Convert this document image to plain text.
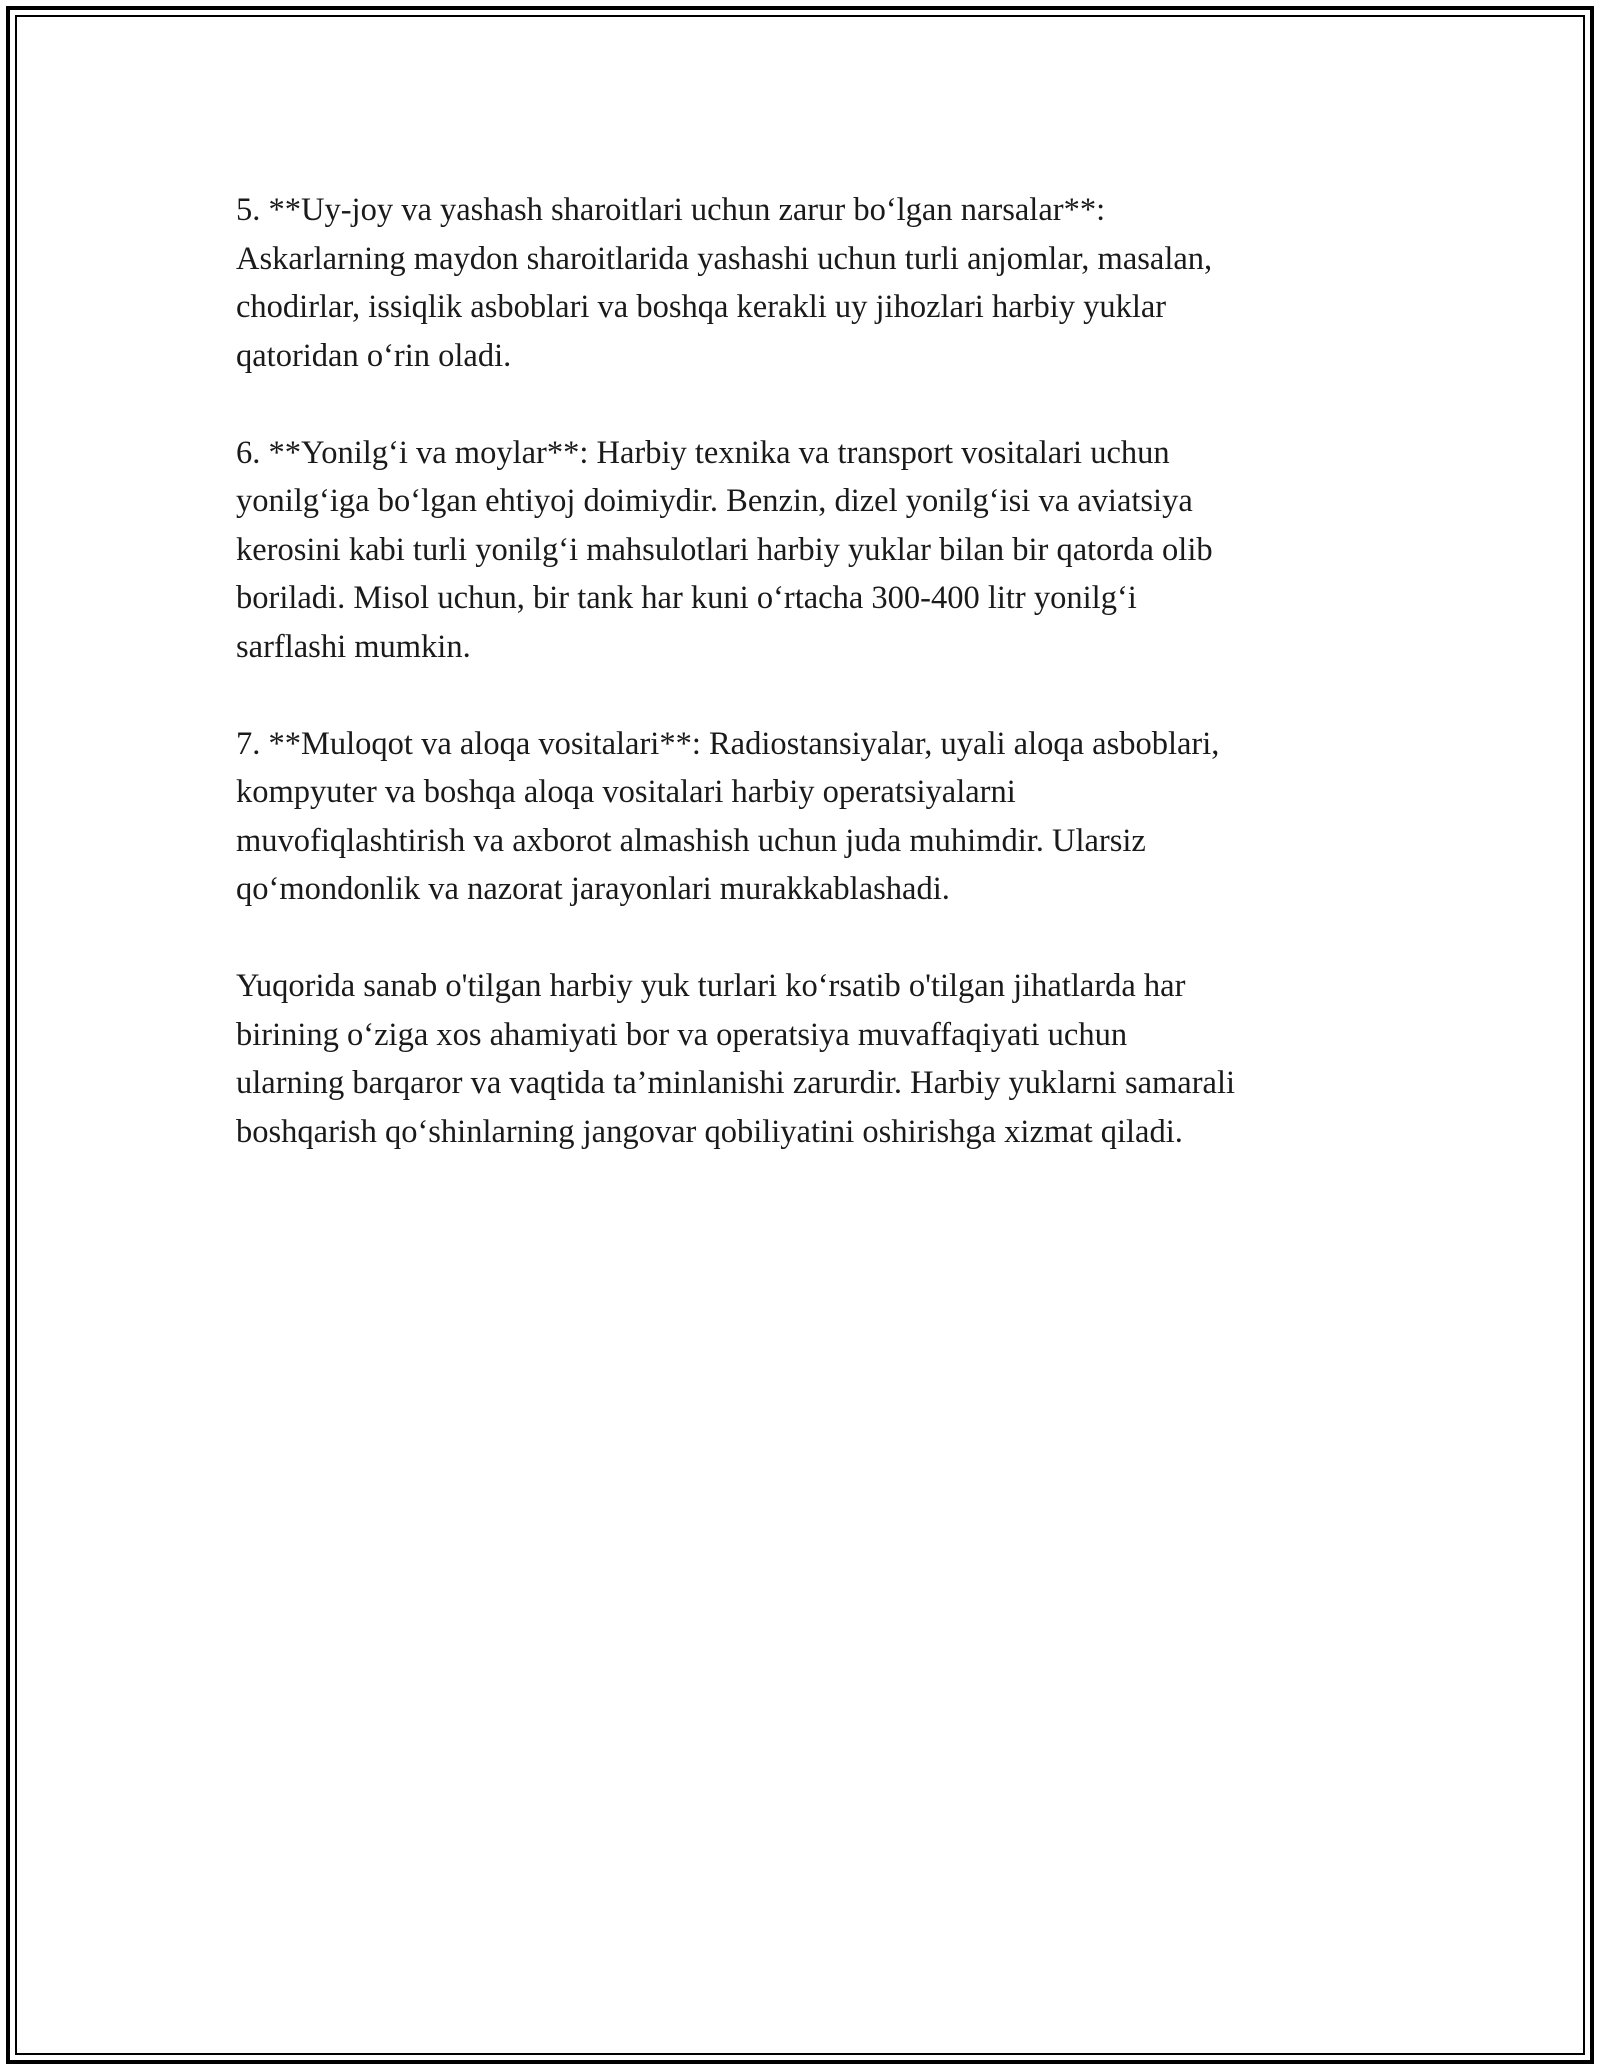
5. **Uy-joy va yashash sharoitlari uchun zarur bo‘lgan narsalar**:
Askarlarning maydon sharoitlarida yashashi uchun turli anjomlar, masalan,
chodirlar, issiqlik asboblari va boshqa kerakli uy jihozlari harbiy yuklar
qatoridan o‘rin oladi.

6. **Yonilg‘i va moylar**: Harbiy texnika va transport vositalari uchun
yonilg‘iga bo‘lgan ehtiyoj doimiydir. Benzin, dizel yonilg‘isi va aviatsiya
kerosini kabi turli yonilg‘i mahsulotlari harbiy yuklar bilan bir qatorda olib
boriladi. Misol uchun, bir tank har kuni o‘rtacha 300-400 litr yonilg‘i
sarflashi mumkin.

7. **Muloqot va aloqa vositalari**: Radiostansiyalar, uyali aloqa asboblari,
kompyuter va boshqa aloqa vositalari harbiy operatsiyalarni
muvofiqlashtirish va axborot almashish uchun juda muhimdir. Ularsiz
qo‘mondonlik va nazorat jarayonlari murakkablashadi.

Yuqorida sanab o'tilgan harbiy yuk turlari ko‘rsatib o'tilgan jihatlarda har
birining o‘ziga xos ahamiyati bor va operatsiya muvaffaqiyati uchun
ularning barqaror va vaqtida ta’minlanishi zarurdir. Harbiy yuklarni samarali
boshqarish qo‘shinlarning jangovar qobiliyatini oshirishga xizmat qiladi.
